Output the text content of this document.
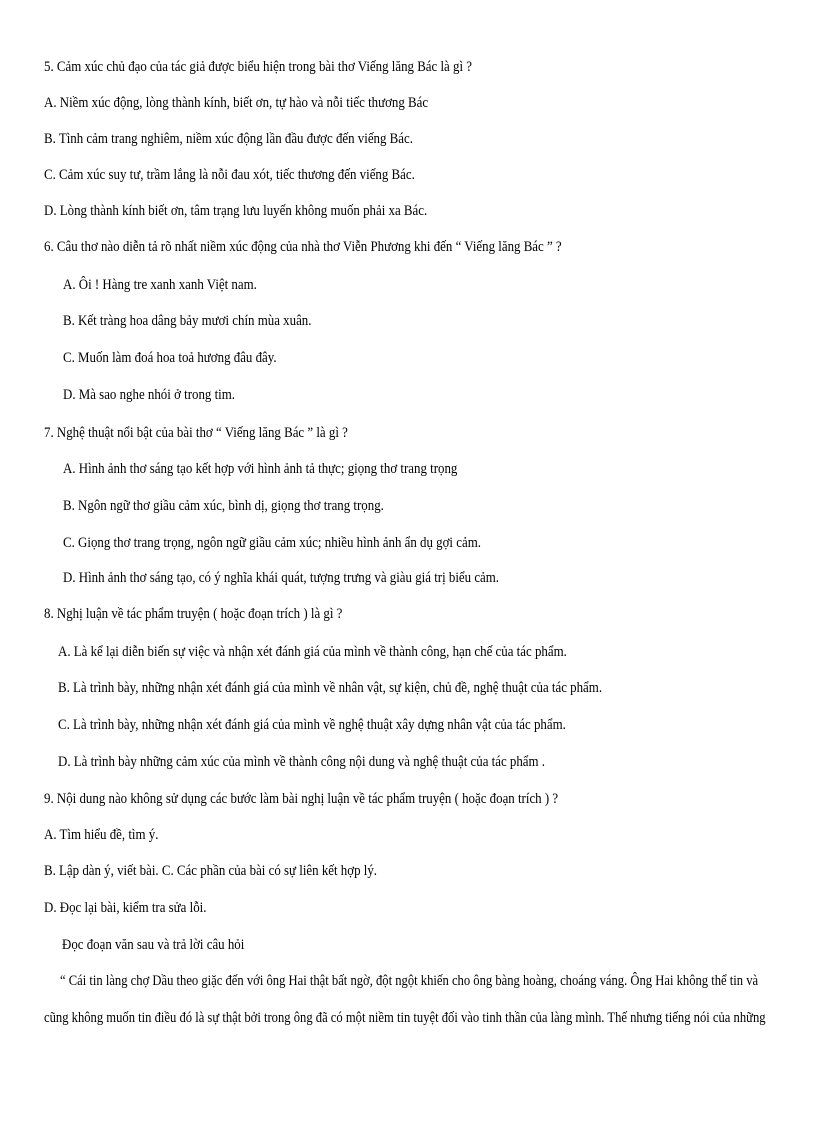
5. Cảm xúc chủ đạo của tác giả được biểu hiện trong bài thơ Viếng lăng Bác là gì ?
A. Niềm xúc động, lòng thành kính, biết ơn, tự hào và nỗi tiếc thương Bác
B. Tình cảm trang nghiêm, niềm xúc động lần đầu được đến viếng Bác.
C. Cảm xúc suy tư, trầm lắng là nỗi đau xót, tiếc thương đến viếng Bác.
D. Lòng thành kính biết ơn, tâm trạng lưu luyến không muốn phải xa Bác.
6. Câu thơ nào diễn tả rõ nhất niềm xúc động của nhà thơ Viễn Phương khi đến “ Viếng lăng Bác ” ?
A. Ôi ! Hàng tre xanh xanh Việt nam.
B. Kết tràng hoa dâng bảy mươi chín mùa xuân.
C. Muốn làm đoá hoa toả hương đâu đây.
D. Mà sao nghe nhói ở trong tim.
7. Nghệ thuật nổi bật của bài thơ “ Viếng lăng Bác ” là gì ?
A. Hình ảnh thơ sáng tạo kết hợp với hình ảnh tả thực; giọng thơ trang trọng
B. Ngôn ngữ thơ giầu cảm xúc, bình dị, giọng thơ trang trọng.
C. Giọng thơ trang trọng, ngôn ngữ giầu cảm xúc; nhiều hình ảnh ẩn dụ gợi cảm.
D. Hình ảnh thơ sáng tạo, có ý nghĩa khái quát, tượng trưng và giàu giá trị biểu cảm.
8. Nghị luận về tác phẩm truyện ( hoặc đoạn trích ) là gì ?
A. Là kể lại diễn biến sự việc và nhận xét đánh giá của mình về thành công, hạn chế của tác phẩm.
B. Là trình bày, những nhận xét đánh giá của mình về nhân vật, sự kiện, chủ đề, nghệ thuật của tác phẩm.
C. Là trình bày, những nhận xét đánh giá của mình về nghệ thuật xây dựng nhân vật của tác phẩm.
D. Là trình bày những cảm xúc của mình về thành công nội dung và nghệ thuật của tác phẩm .
9. Nội dung nào không sử dụng các bước làm bài nghị luận về tác phẩm truyện ( hoặc đoạn trích ) ?
A. Tìm hiểu đề, tìm ý.
B. Lập dàn ý, viết bài. C. Các phần của bài có sự liên kết hợp lý.
D. Đọc lại bài, kiểm tra sửa lỗi.
Đọc đoạn văn sau và trả lời câu hỏi
“ Cái tin làng chợ Dầu theo giặc đến với ông Hai thật bất ngờ, đột ngột khiến cho ông bàng hoàng, choáng váng. Ông Hai không thể tin và
cũng không muốn tin điều đó là sự thật bởi trong ông đã có một niềm tin tuyệt đối vào tinh thần của làng mình. Thế nhưng tiếng nói của những
